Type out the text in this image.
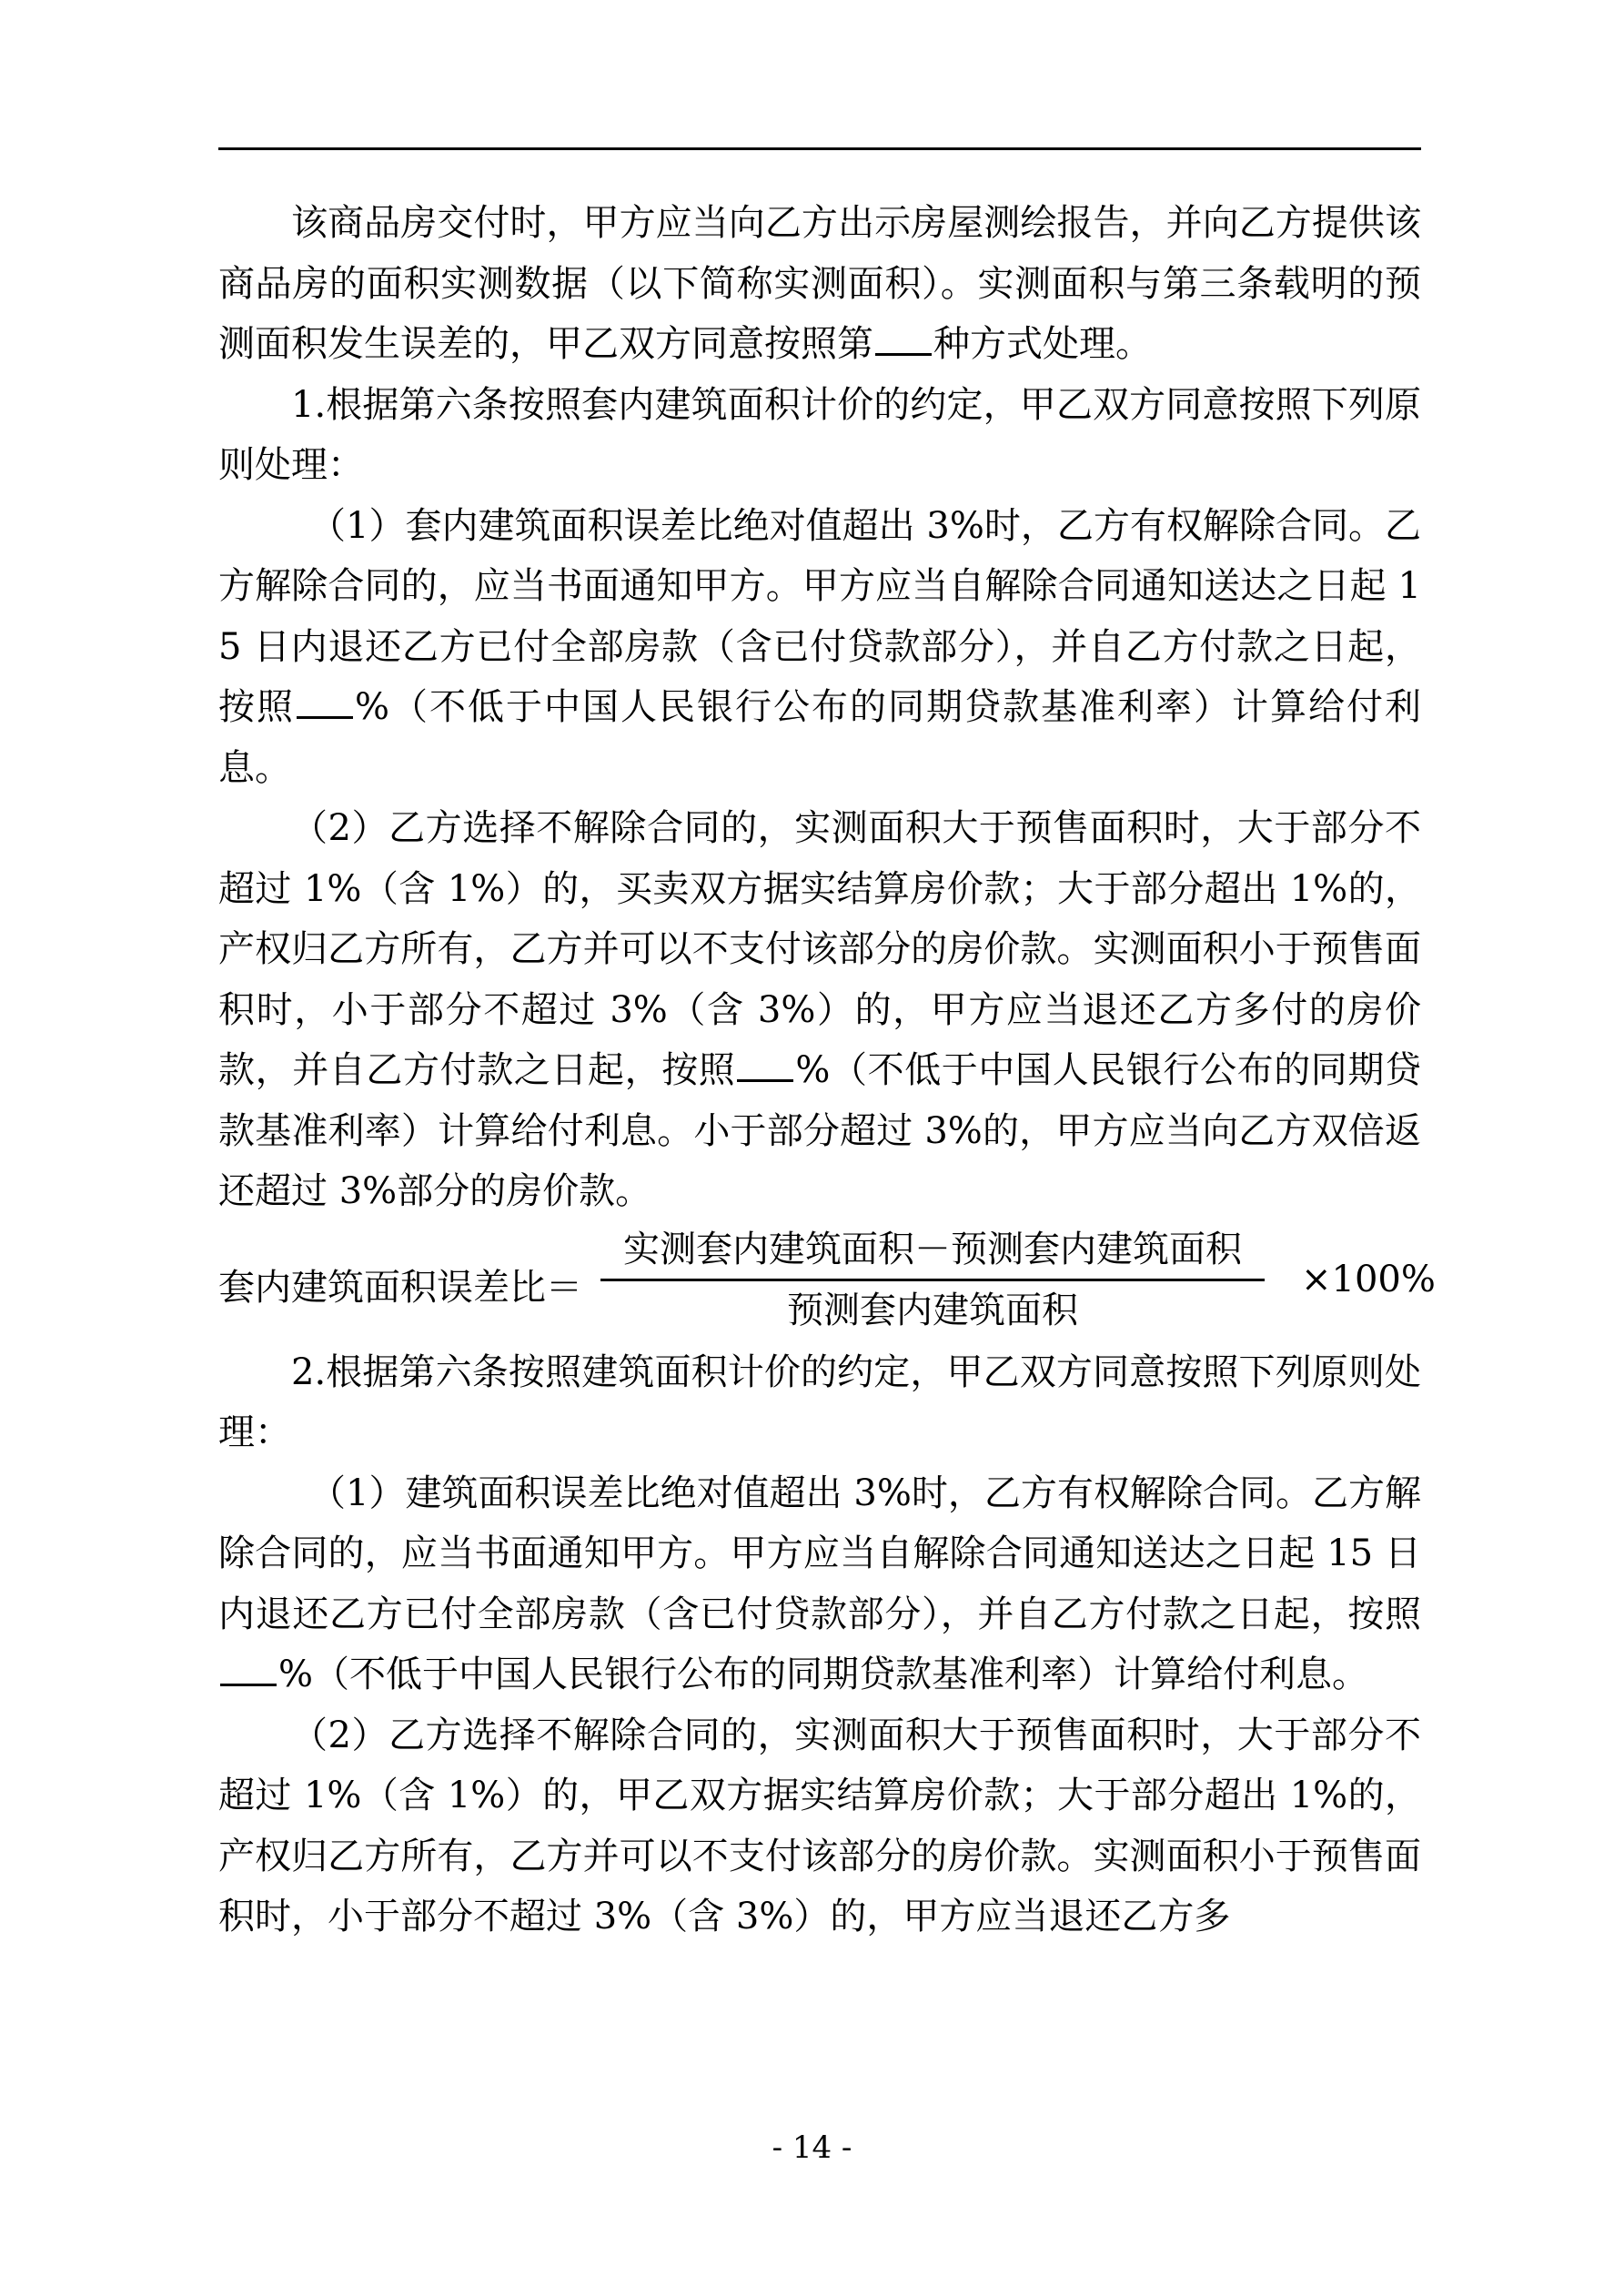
该商品房交付时，甲方应当向乙方出示房屋测绘报告，并向乙方提供该商品房的面积实测数据（以下简称实测面积）。实测面积与第三条载明的预测面积发生误差的，甲乙双方同意按照第 种方式处理。

1.根据第六条按照套内建筑面积计价的约定，甲乙双方同意按照下列原则处理：

（1）套内建筑面积误差比绝对值超出 3%时，乙方有权解除合同。乙方解除合同的，应当书面通知甲方。甲方应当自解除合同通知送达之日起 15 日内退还乙方已付全部房款（含已付贷款部分），并自乙方付款之日起，按照 %（不低于中国人民银行公布的同期贷款基准利率）计算给付利息。

（2）乙方选择不解除合同的，实测面积大于预售面积时，大于部分不超过 1%（含 1%）的，买卖双方据实结算房价款；大于部分超出 1%的，产权归乙方所有，乙方并可以不支付该部分的房价款。实测面积小于预售面积时，小于部分不超过 3%（含 3%）的，甲方应当退还乙方多付的房价款，并自乙方付款之日起，按照 %（不低于中国人民银行公布的同期贷款基准利率）计算给付利息。小于部分超过 3%的，甲方应当向乙方双倍返还超过 3%部分的房价款。

套内建筑面积误差比＝
实测套内建筑面积－预测套内建筑面积
预测套内建筑面积
×100%

2.根据第六条按照建筑面积计价的约定，甲乙双方同意按照下列原则处理：

（1）建筑面积误差比绝对值超出 3%时，乙方有权解除合同。乙方解除合同的，应当书面通知甲方。甲方应当自解除合同通知送达之日起 15 日内退还乙方已付全部房款（含已付贷款部分），并自乙方付款之日起，按照%（不低于中国人民银行公布的同期贷款基准利率）计算给付利息。

（2）乙方选择不解除合同的，实测面积大于预售面积时，大于部分不超过 1%（含 1%）的，甲乙双方据实结算房价款；大于部分超出 1%的，产权归乙方所有，乙方并可以不支付该部分的房价款。实测面积小于预售面积时，小于部分不超过 3%（含 3%）的，甲方应当退还乙方多

- 14 -
